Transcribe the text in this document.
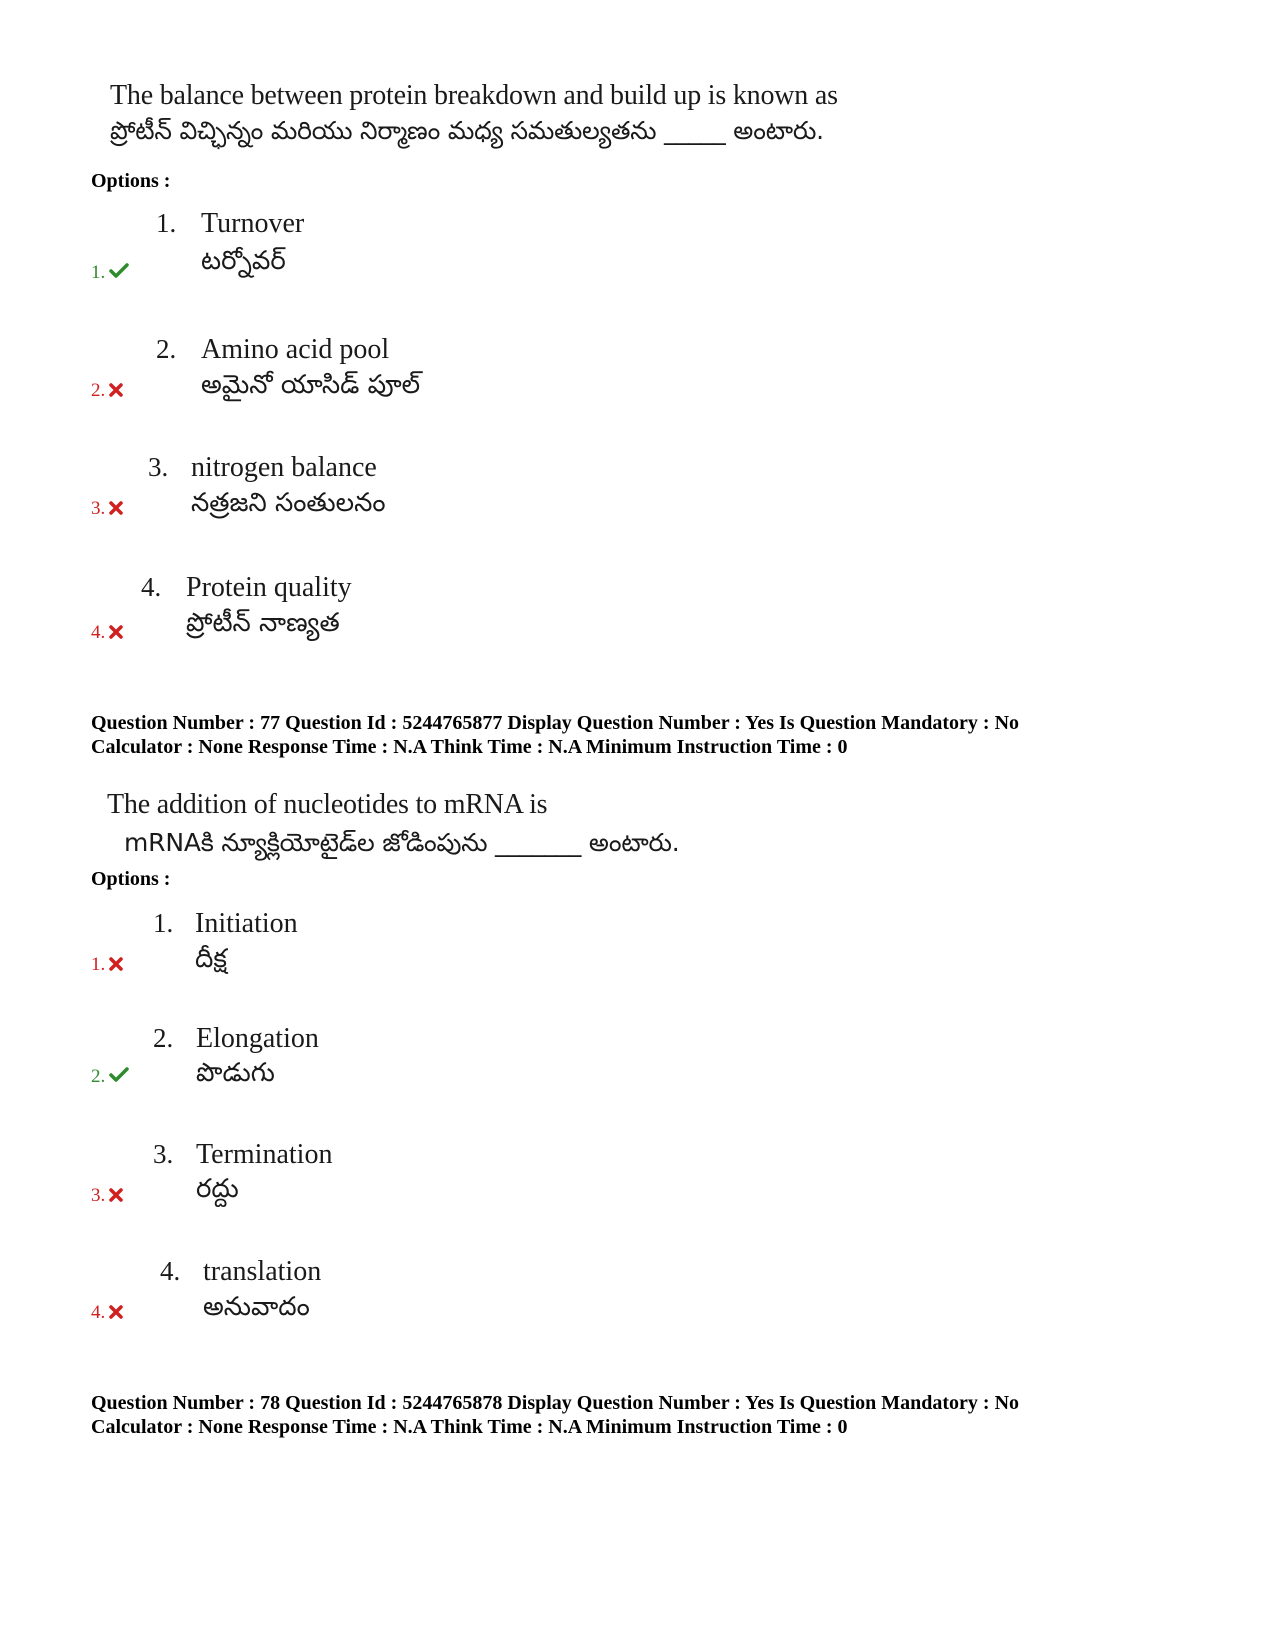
The balance between protein breakdown and build up is known as
ప్రోటీన్ విచ్ఛిన్నం మరియు నిర్మాణం మధ్య సమతుల్యతను _____ అంటారు.
Options :
1. Turnover
టర్నోవర్
1.
2. Amino acid pool
అమైనో యాసిడ్ పూల్
2.
3. nitrogen balance
నత్రజని సంతులనం
3.
4. Protein quality
ప్రోటీన్ నాణ్యత
4.
Question Number : 77 Question Id : 5244765877 Display Question Number : Yes Is Question Mandatory : No
Calculator : None Response Time : N.A Think Time : N.A Minimum Instruction Time : 0
The addition of nucleotides to mRNA is
mRNAకి న్యూక్లియోటైడ్‌ల జోడింపును _______ అంటారు.
Options :
1. Initiation
దీక్ష
1.
2. Elongation
పొడుగు
2.
3. Termination
రద్దు
3.
4. translation
అనువాదం
4.
Question Number : 78 Question Id : 5244765878 Display Question Number : Yes Is Question Mandatory : No
Calculator : None Response Time : N.A Think Time : N.A Minimum Instruction Time : 0
